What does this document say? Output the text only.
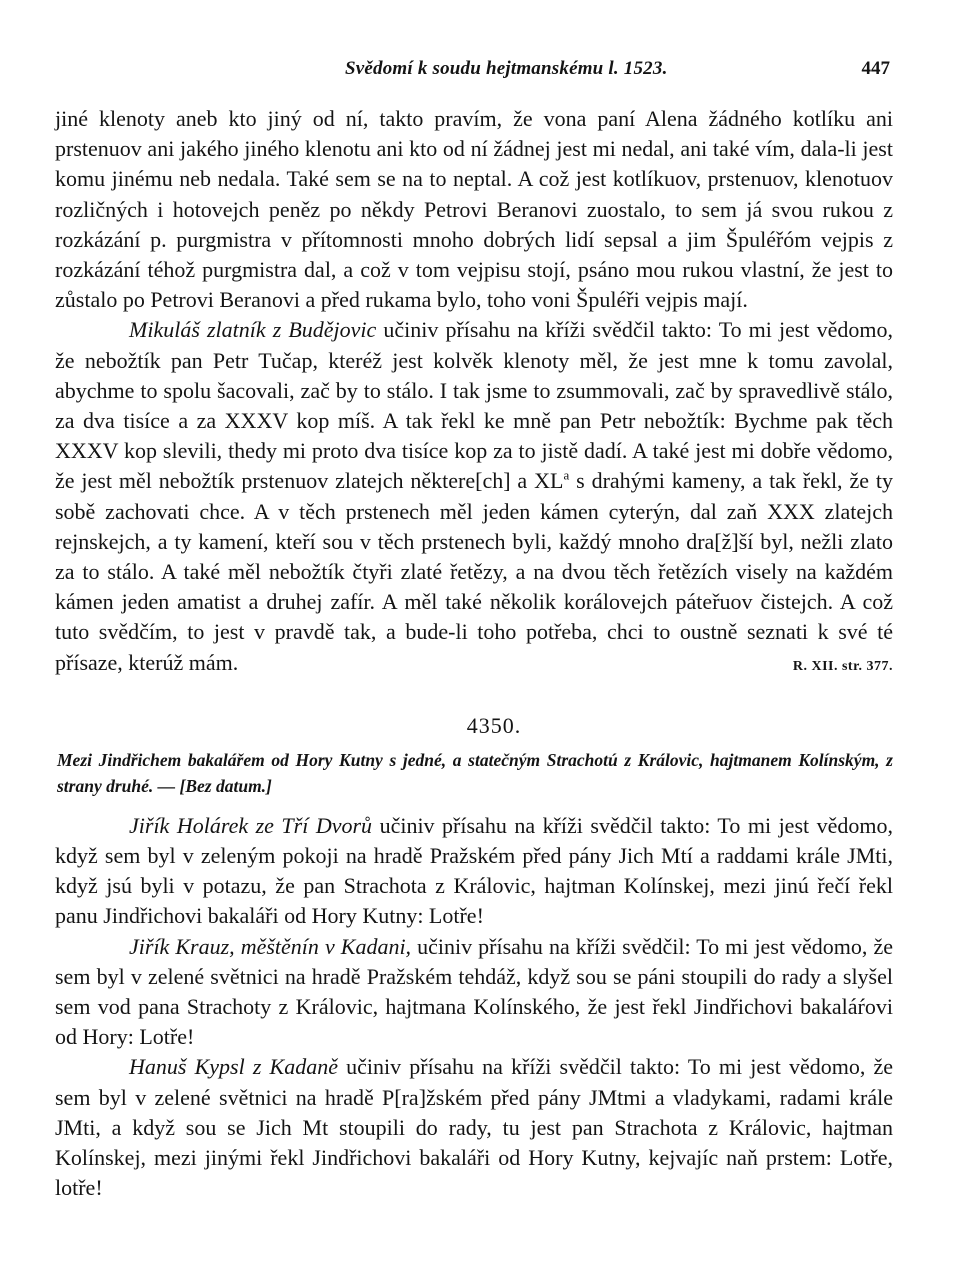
Svědomí k soudu hejtmanskému l. 1523.	447

jiné klenoty aneb kto jiný od ní, takto pravím, že vona paní Alena žádného kotlíku ani prstenuov ani jakého jiného klenotu ani kto od ní žádnej jest mi nedal, ani také vím, dala-li jest komu jinému neb nedala. Také sem se na to neptal. A což jest kotlíkuov, prstenuov, klenotuov rozličných i hotovejch peněz po někdy Petrovi Beranovi zuostalo, to sem já svou rukou z rozkázání p. purgmistra v přítomnosti mnoho dobrých lidí sepsal a jim Špuléřóm vejpis z rozkázání téhož purgmistra dal, a což v tom vejpisu stojí, psáno mou rukou vlastní, že jest to zůstalo po Petrovi Beranovi a před rukama bylo, toho voni Špuléři vejpis mají.

Mikuláš zlatník z Budějovic učiniv přísahu na kříži svědčil takto: To mi jest vědomo, že nebožtík pan Petr Tučap, kteréž jest kolvěk klenoty měl, že jest mne k tomu zavolal, abychme to spolu šacovali, zač by to stálo. I tak jsme to zsummovali, zač by spravedlivě stálo, za dva tisíce a za XXXV kop míš. A tak řekl ke mně pan Petr nebožtík: Bychme pak těch XXXV kop slevili, thedy mi proto dva tisíce kop za to jistě dadí. A také jest mi dobře vědomo, že jest měl nebožtík prstenuov zlatejch některe[ch] a $XL^a$ s drahými kameny, a tak řekl, že ty sobě zachovati chce. A v těch prstenech měl jeden kámen cyterýn, dal zaň XXX zlatejch rejnskejch, a ty kamení, kteří sou v těch prstenech byli, každý mnoho dra[ž]ší byl, nežli zlato za to stálo. A také měl nebožtík čtyři zlaté řetězy, a na dvou těch řetězích visely na každém kámen jeden amatist a druhej zafír. A měl také několik korálovejch páteřuov čistejch. A což tuto svědčím, to jest v pravdě tak, a bude-li toho potřeba, chci to oustně seznati k své té přísaze, kterúž mám.	R. XII. str. 377.

4350.
Mezi Jindřichem bakalářem od Hory Kutny s jedné, a statečným Strachotú z Královic, hajtmanem Kolínským, z strany druhé. — [Bez datum.]

Jiřík Holárek ze Tří Dvorů učiniv přísahu na kříži svědčil takto: To mi jest vědomo, když sem byl v zeleným pokoji na hradě Pražském před pány Jich Mtí a raddami krále JMti, když jsú byli v potazu, že pan Strachota z Královic, hajtman Kolínskej, mezi jinú řečí řekl panu Jindřichovi bakaláři od Hory Kutny: Lotře!

Jiřík Krauz, měštěnín v Kadani, učiniv přísahu na kříži svědčil: To mi jest vědomo, že sem byl v zelené světnici na hradě Pražském tehdáž, když sou se páni stoupili do rady a slyšel sem vod pana Strachoty z Královic, hajtmana Kolínského, že jest řekl Jindřichovi bakaláŕovi od Hory: Lotře!

Hanuš Kypsl z Kadaně učiniv přísahu na kříži svědčil takto: To mi jest vědomo, že sem byl v zelené světnici na hradě P[ra]žském před pány JMtmi a vladykami, radami krále JMti, a když sou se Jich Mt stoupili do rady, tu jest pan Strachota z Královic, hajtman Kolínskej, mezi jinými řekl Jindřichovi bakaláři od Hory Kutny, kejvajíc naň prstem: Lotře, lotře!
